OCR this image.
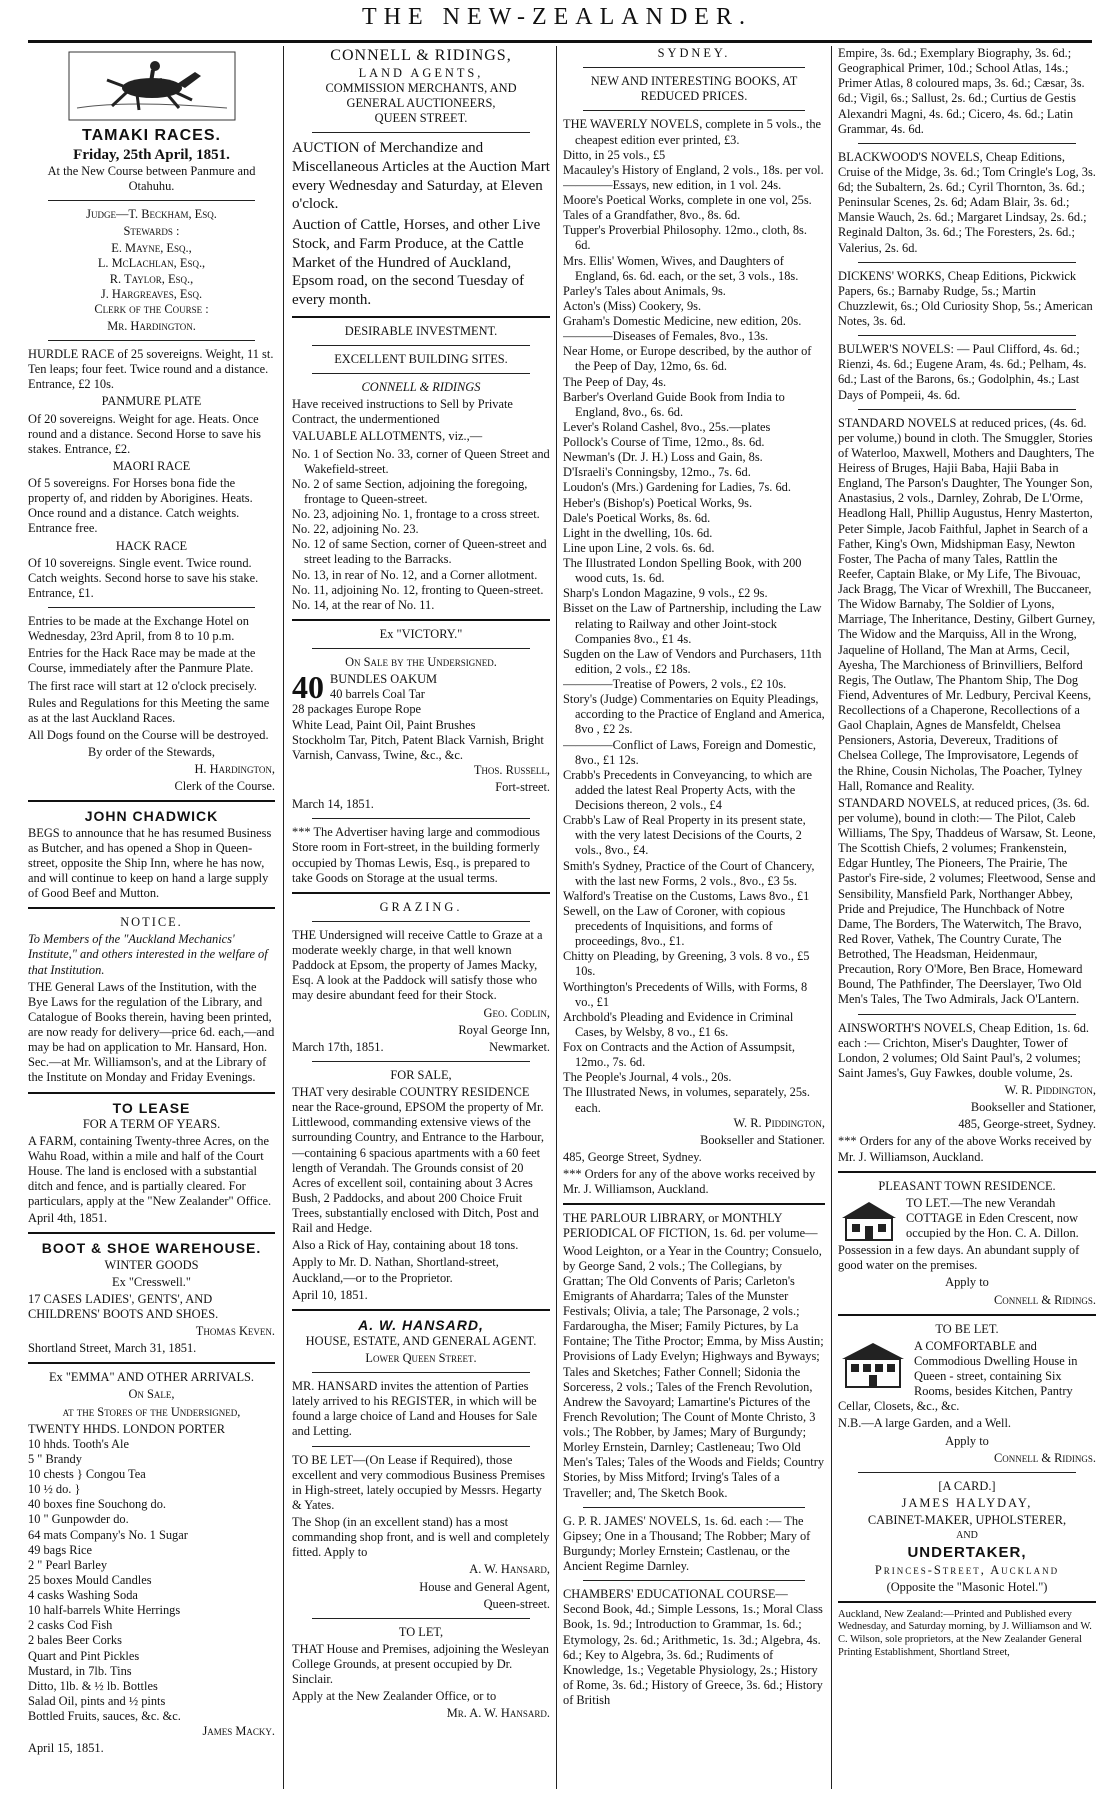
THE NEW-ZEALANDER.
TAMAKI RACES.
Friday, 25th April, 1851.

At the New Course between Panmure and Otahuhu.

Judge—T. Beckham, Esq.

Stewards :

E. Mayne, Esq.,
L. McLachlan, Esq.,
R. Taylor, Esq.,
J. Hargreaves, Esq.

Clerk of the Course :

Mr. Hardington.

HURDLE RACE of 25 sovereigns. Weight, 11 st. Ten leaps; four feet. Twice round and a distance. Entrance, £2 10s.

PANMURE PLATE

Of 20 sovereigns. Weight for age. Heats. Once round and a distance. Second Horse to save his stakes. Entrance, £2.

MAORI RACE

Of 5 sovereigns. For Horses bona fide the property of, and ridden by Aborigines. Heats. Once round and a distance. Catch weights. Entrance free.

HACK RACE

Of 10 sovereigns. Single event. Twice round. Catch weights. Second horse to save his stake. Entrance, £1.

Entries to be made at the Exchange Hotel on Wednesday, 23rd April, from 8 to 10 p.m.

Entries for the Hack Race may be made at the Course, immediately after the Panmure Plate.

The first race will start at 12 o'clock precisely.

Rules and Regulations for this Meeting the same as at the last Auckland Races.

All Dogs found on the Course will be destroyed.

By order of the Stewards,

H. Hardington,

Clerk of the Course.

JOHN CHADWICK

BEGS to announce that he has resumed Business as Butcher, and has opened a Shop in Queen-street, opposite the Ship Inn, where he has now, and will continue to keep on hand a large supply of Good Beef and Mutton.

NOTICE.

To Members of the "Auckland Mechanics' Institute," and others interested in the welfare of that Institution.

THE General Laws of the Institution, with the Bye Laws for the regulation of the Library, and Catalogue of Books therein, having been printed, are now ready for delivery—price 6d. each,—and may be had on application to Mr. Hansard, Hon. Sec.—at Mr. Williamson's, and at the Library of the Institute on Monday and Friday Evenings.

TO LEASE

FOR A TERM OF YEARS.

A FARM, containing Twenty-three Acres, on the Wahu Road, within a mile and half of the Court House. The land is enclosed with a substantial ditch and fence, and is partially cleared. For particulars, apply at the "New Zealander" Office.

April 4th, 1851.

BOOT & SHOE WAREHOUSE.

WINTER GOODS

Ex "Cresswell."

17 CASES LADIES', GENTS', AND CHILDRENS' BOOTS AND SHOES.

Thomas Keven.

Shortland Street, March 31, 1851.

Ex "EMMA" AND OTHER ARRIVALS.

On Sale,

at the Stores of the Undersigned,

TWENTY HHDS. LONDON PORTER
10 hhds. Tooth's Ale
5 " Brandy
10 chests } Congou Tea
10 ½ do. }
40 boxes fine Souchong do.
10 " Gunpowder do.
64 mats Company's No. 1 Sugar
49 bags Rice
2 " Pearl Barley
25 boxes Mould Candles
4 casks Washing Soda
10 half-barrels White Herrings
2 casks Cod Fish
2 bales Beer Corks
Quart and Pint Pickles
Mustard, in 7lb. Tins
Ditto, 1lb. & ½ lb. Bottles
Salad Oil, pints and ½ pints
Bottled Fruits, sauces, &c. &c.

James Macky.

April 15, 1851.

CONNELL & RIDINGS,
LAND AGENTS,
COMMISSION MERCHANTS, AND
GENERAL AUCTIONEERS,
QUEEN STREET.

AUCTION of Merchandize and Miscellaneous Articles at the Auction Mart every Wednesday and Saturday, at Eleven o'clock.

Auction of Cattle, Horses, and other Live Stock, and Farm Produce, at the Cattle Market of the Hundred of Auckland, Epsom road, on the second Tuesday of every month.

DESIRABLE INVESTMENT.

EXCELLENT BUILDING SITES.

CONNELL & RIDINGS

Have received instructions to Sell by Private Contract, the undermentioned

VALUABLE ALLOTMENTS, viz.,—

No. 1 of Section No. 33, corner of Queen Street and Wakefield-street.
No. 2 of same Section, adjoining the foregoing, frontage to Queen-street.
No. 23, adjoining No. 1, frontage to a cross street.
No. 22, adjoining No. 23.
No. 12 of same Section, corner of Queen-street and street leading to the Barracks.
No. 13, in rear of No. 12, and a Corner allotment.
No. 11, adjoining No. 12, fronting to Queen-street.
No. 14, at the rear of No. 11.

Ex "VICTORY."

On Sale by the Undersigned.

40 BUNDLES OAKUM
40 barrels Coal Tar
28 packages Europe Rope
White Lead, Paint Oil, Paint Brushes
Stockholm Tar, Pitch, Patent Black Varnish, Bright Varnish, Canvass, Twine, &c., &c.

Thos. Russell,

Fort-street.

March 14, 1851.

*** The Advertiser having large and commodious Store room in Fort-street, in the building formerly occupied by Thomas Lewis, Esq., is prepared to take Goods on Storage at the usual terms.

GRAZING.

THE Undersigned will receive Cattle to Graze at a moderate weekly charge, in that well known Paddock at Epsom, the property of James Macky, Esq. A look at the Paddock will satisfy those who may desire abundant feed for their Stock.

Geo. Codlin,

Royal George Inn,

March 17th, 1851.	Newmarket.

FOR SALE,

THAT very desirable COUNTRY RESIDENCE near the Race-ground, EPSOM the property of Mr. Littlewood, commanding extensive views of the surrounding Country, and Entrance to the Harbour,—containing 6 spacious apartments with a 60 feet length of Verandah. The Grounds consist of 20 Acres of excellent soil, containing about 3 Acres Bush, 2 Paddocks, and about 200 Choice Fruit Trees, substantially enclosed with Ditch, Post and Rail and Hedge.

Also a Rick of Hay, containing about 18 tons.

Apply to Mr. D. Nathan, Shortland-street, Auckland,—or to the Proprietor.

April 10, 1851.

A. W. HANSARD,

HOUSE, ESTATE, AND GENERAL AGENT.

Lower Queen Street.

MR. HANSARD invites the attention of Parties lately arrived to his REGISTER, in which will be found a large choice of Land and Houses for Sale and Letting.

TO BE LET—(On Lease if Required), those excellent and very commodious Business Premises in High-street, lately occupied by Messrs. Hegarty & Yates.

The Shop (in an excellent stand) has a most commanding shop front, and is well and completely fitted. Apply to

A. W. Hansard,

House and General Agent,

Queen-street.

TO LET,

THAT House and Premises, adjoining the Wesleyan College Grounds, at present occupied by Dr. Sinclair.

Apply at the New Zealander Office, or to

Mr. A. W. Hansard.

SYDNEY.

NEW AND INTERESTING BOOKS, AT REDUCED PRICES.

THE WAVERLY NOVELS, complete in 5 vols., the cheapest edition ever printed, £3.
Ditto, in 25 vols., £5
Macauley's History of England, 2 vols., 18s. per vol.
————Essays, new edition, in 1 vol. 24s.
Moore's Poetical Works, complete in one vol, 25s.
Tales of a Grandfather, 8vo., 8s. 6d.
Tupper's Proverbial Philosophy. 12mo., cloth, 8s. 6d.
Mrs. Ellis' Women, Wives, and Daughters of England, 6s. 6d. each, or the set, 3 vols., 18s.
Parley's Tales about Animals, 9s.
Acton's (Miss) Cookery, 9s.
Graham's Domestic Medicine, new edition, 20s.
————Diseases of Females, 8vo., 13s.
Near Home, or Europe described, by the author of the Peep of Day, 12mo, 6s. 6d.
The Peep of Day, 4s.
Barber's Overland Guide Book from India to England, 8vo., 6s. 6d.
Lever's Roland Cashel, 8vo., 25s.—plates
Pollock's Course of Time, 12mo., 8s. 6d.
Newman's (Dr. J. H.) Loss and Gain, 8s.
D'Israeli's Conningsby, 12mo., 7s. 6d.
Loudon's (Mrs.) Gardening for Ladies, 7s. 6d.
Heber's (Bishop's) Poetical Works, 9s.
Dale's Poetical Works, 8s. 6d.
Light in the dwelling, 10s. 6d.
Line upon Line, 2 vols. 6s. 6d.
The Illustrated London Spelling Book, with 200 wood cuts, 1s. 6d.
Sharp's London Magazine, 9 vols., £2 9s.
Bisset on the Law of Partnership, including the Law relating to Railway and other Joint-stock Companies 8vo., £1 4s.
Sugden on the Law of Vendors and Purchasers, 11th edition, 2 vols., £2 18s.
————Treatise of Powers, 2 vols., £2 10s.
Story's (Judge) Commentaries on Equity Pleadings, according to the Practice of England and America, 8vo , £2 2s.
————Conflict of Laws, Foreign and Domestic, 8vo., £1 12s.
Crabb's Precedents in Conveyancing, to which are added the latest Real Property Acts, with the Decisions thereon, 2 vols., £4
Crabb's Law of Real Property in its present state, with the very latest Decisions of the Courts, 2 vols., 8vo., £4.
Smith's Sydney, Practice of the Court of Chancery, with the last new Forms, 2 vols., 8vo., £3 5s.
Walford's Treatise on the Customs, Laws 8vo., £1
Sewell, on the Law of Coroner, with copious precedents of Inquisitions, and forms of proceedings, 8vo., £1.
Chitty on Pleading, by Greening, 3 vols. 8 vo., £5 10s.
Worthington's Precedents of Wills, with Forms, 8 vo., £1
Archbold's Pleading and Evidence in Criminal Cases, by Welsby, 8 vo., £1 6s.
Fox on Contracts and the Action of Assumpsit, 12mo., 7s. 6d.
The People's Journal, 4 vols., 20s.
The Illustrated News, in volumes, separately, 25s. each.

W. R. Piddington,

Bookseller and Stationer.

485, George Street, Sydney.

*** Orders for any of the above works received by Mr. J. Williamson, Auckland.

THE PARLOUR LIBRARY, or MONTHLY PERIODICAL OF FICTION, 1s. 6d. per volume—

Wood Leighton, or a Year in the Country; Consuelo, by George Sand, 2 vols.; The Collegians, by Grattan; The Old Convents of Paris; Carleton's Emigrants of Ahardarra; Tales of the Munster Festivals; Olivia, a tale; The Parsonage, 2 vols.; Fardarougha, the Miser; Family Pictures, by La Fontaine; The Tithe Proctor; Emma, by Miss Austin; Provisions of Lady Evelyn; Highways and Byways; Tales and Sketches; Father Connell; Sidonia the Sorceress, 2 vols.; Tales of the French Revolution, Andrew the Savoyard; Lamartine's Pictures of the French Revolution; The Count of Monte Christo, 3 vols.; The Robber, by James; Mary of Burgundy; Morley Ernstein, Darnley; Castleneau; Two Old Men's Tales; Tales of the Woods and Fields; Country Stories, by Miss Mitford; Irving's Tales of a Traveller; and, The Sketch Book.

G. P. R. JAMES' NOVELS, 1s. 6d. each :— The Gipsey; One in a Thousand; The Robber; Mary of Burgundy; Morley Ernstein; Castlenau, or the Ancient Regime Darnley.

CHAMBERS' EDUCATIONAL COURSE— Second Book, 4d.; Simple Lessons, 1s.; Moral Class Book, 1s. 9d.; Introduction to Grammar, 1s. 6d.; Etymology, 2s. 6d.; Arithmetic, 1s. 3d.; Algebra, 4s. 6d.; Key to Algebra, 3s. 6d.; Rudiments of Knowledge, 1s.; Vegetable Physiology, 2s.; History of Rome, 3s. 6d.; History of Greece, 3s. 6d.; History of British

Empire, 3s. 6d.; Exemplary Biography, 3s. 6d.; Geographical Primer, 10d.; School Atlas, 14s.; Primer Atlas, 8 coloured maps, 3s. 6d.; Cæsar, 3s. 6d.; Vigil, 6s.; Sallust, 2s. 6d.; Curtius de Gestis Alexandri Magni, 4s. 6d.; Cicero, 4s. 6d.; Latin Grammar, 4s. 6d.

BLACKWOOD'S NOVELS, Cheap Editions, Cruise of the Midge, 3s. 6d.; Tom Cringle's Log, 3s. 6d; the Subaltern, 2s. 6d.; Cyril Thornton, 3s. 6d.; Peninsular Scenes, 2s. 6d; Adam Blair, 3s. 6d.; Mansie Wauch, 2s. 6d.; Margaret Lindsay, 2s. 6d.; Reginald Dalton, 3s. 6d.; The Foresters, 2s. 6d.; Valerius, 2s. 6d.

DICKENS' WORKS, Cheap Editions, Pickwick Papers, 6s.; Barnaby Rudge, 5s.; Martin Chuzzlewit, 6s.; Old Curiosity Shop, 5s.; American Notes, 3s. 6d.

BULWER'S NOVELS: — Paul Clifford, 4s. 6d.; Rienzi, 4s. 6d.; Eugene Aram, 4s. 6d.; Pelham, 4s. 6d.; Last of the Barons, 6s.; Godolphin, 4s.; Last Days of Pompeii, 4s. 6d.

STANDARD NOVELS at reduced prices, (4s. 6d. per volume,) bound in cloth. The Smuggler, Stories of Waterloo, Maxwell, Mothers and Daughters, The Heiress of Bruges, Hajii Baba, Hajii Baba in England, The Parson's Daughter, The Younger Son, Anastasius, 2 vols., Darnley, Zohrab, De L'Orme, Headlong Hall, Phillip Augustus, Henry Masterton, Peter Simple, Jacob Faithful, Japhet in Search of a Father, King's Own, Midshipman Easy, Newton Foster, The Pacha of many Tales, Rattlin the Reefer, Captain Blake, or My Life, The Bivouac, Jack Bragg, The Vicar of Wrexhill, The Buccaneer, The Widow Barnaby, The Soldier of Lyons, Marriage, The Inheritance, Destiny, Gilbert Gurney, The Widow and the Marquiss, All in the Wrong, Jaqueline of Holland, The Man at Arms, Cecil, Ayesha, The Marchioness of Brinvilliers, Belford Regis, The Outlaw, The Phantom Ship, The Dog Fiend, Adventures of Mr. Ledbury, Percival Keens, Recollections of a Chaperone, Recollections of a Gaol Chaplain, Agnes de Mansfeldt, Chelsea Pensioners, Astoria, Devereux, Traditions of Chelsea College, The Improvisatore, Legends of the Rhine, Cousin Nicholas, The Poacher, Tylney Hall, Romance and Reality.

STANDARD NOVELS, at reduced prices, (3s. 6d. per volume), bound in cloth:— The Pilot, Caleb Williams, The Spy, Thaddeus of Warsaw, St. Leone, The Scottish Chiefs, 2 volumes; Frankenstein, Edgar Huntley, The Pioneers, The Prairie, The Pastor's Fire-side, 2 volumes; Fleetwood, Sense and Sensibility, Mansfield Park, Northanger Abbey, Pride and Prejudice, The Hunchback of Notre Dame, The Borders, The Waterwitch, The Bravo, Red Rover, Vathek, The Country Curate, The Betrothed, The Headsman, Heidenmaur, Precaution, Rory O'More, Ben Brace, Homeward Bound, The Pathfinder, The Deerslayer, Two Old Men's Tales, The Two Admirals, Jack O'Lantern.

AINSWORTH'S NOVELS, Cheap Edition, 1s. 6d. each :— Crichton, Miser's Daughter, Tower of London, 2 volumes; Old Saint Paul's, 2 volumes; Saint James's, Guy Fawkes, double volume, 2s.

W. R. Piddington,

Bookseller and Stationer,

485, George-street, Sydney.

*** Orders for any of the above Works received by Mr. J. Williamson, Auckland.

PLEASANT TOWN RESIDENCE.

TO LET.—The new Verandah COTTAGE in Eden Crescent, now occupied by the Hon. C. A. Dillon.

Possession in a few days. An abundant supply of good water on the premises.

Apply to

Connell & Ridings.

TO BE LET.

A COMFORTABLE and Commodious Dwelling House in Queen - street, containing Six Rooms, besides Kitchen, Pantry Cellar, Closets, &c., &c.

N.B.—A large Garden, and a Well.

Apply to

Connell & Ridings.

[A CARD.]

JAMES HALYDAY,

CABINET-MAKER, UPHOLSTERER,

AND

UNDERTAKER,

Princes-Street, Auckland

(Opposite the "Masonic Hotel.")

Auckland, New Zealand:—Printed and Published every Wednesday, and Saturday morning, by J. Williamson and W. C. Wilson, sole proprietors, at the New Zealander General Printing Establishment, Shortland Street,
